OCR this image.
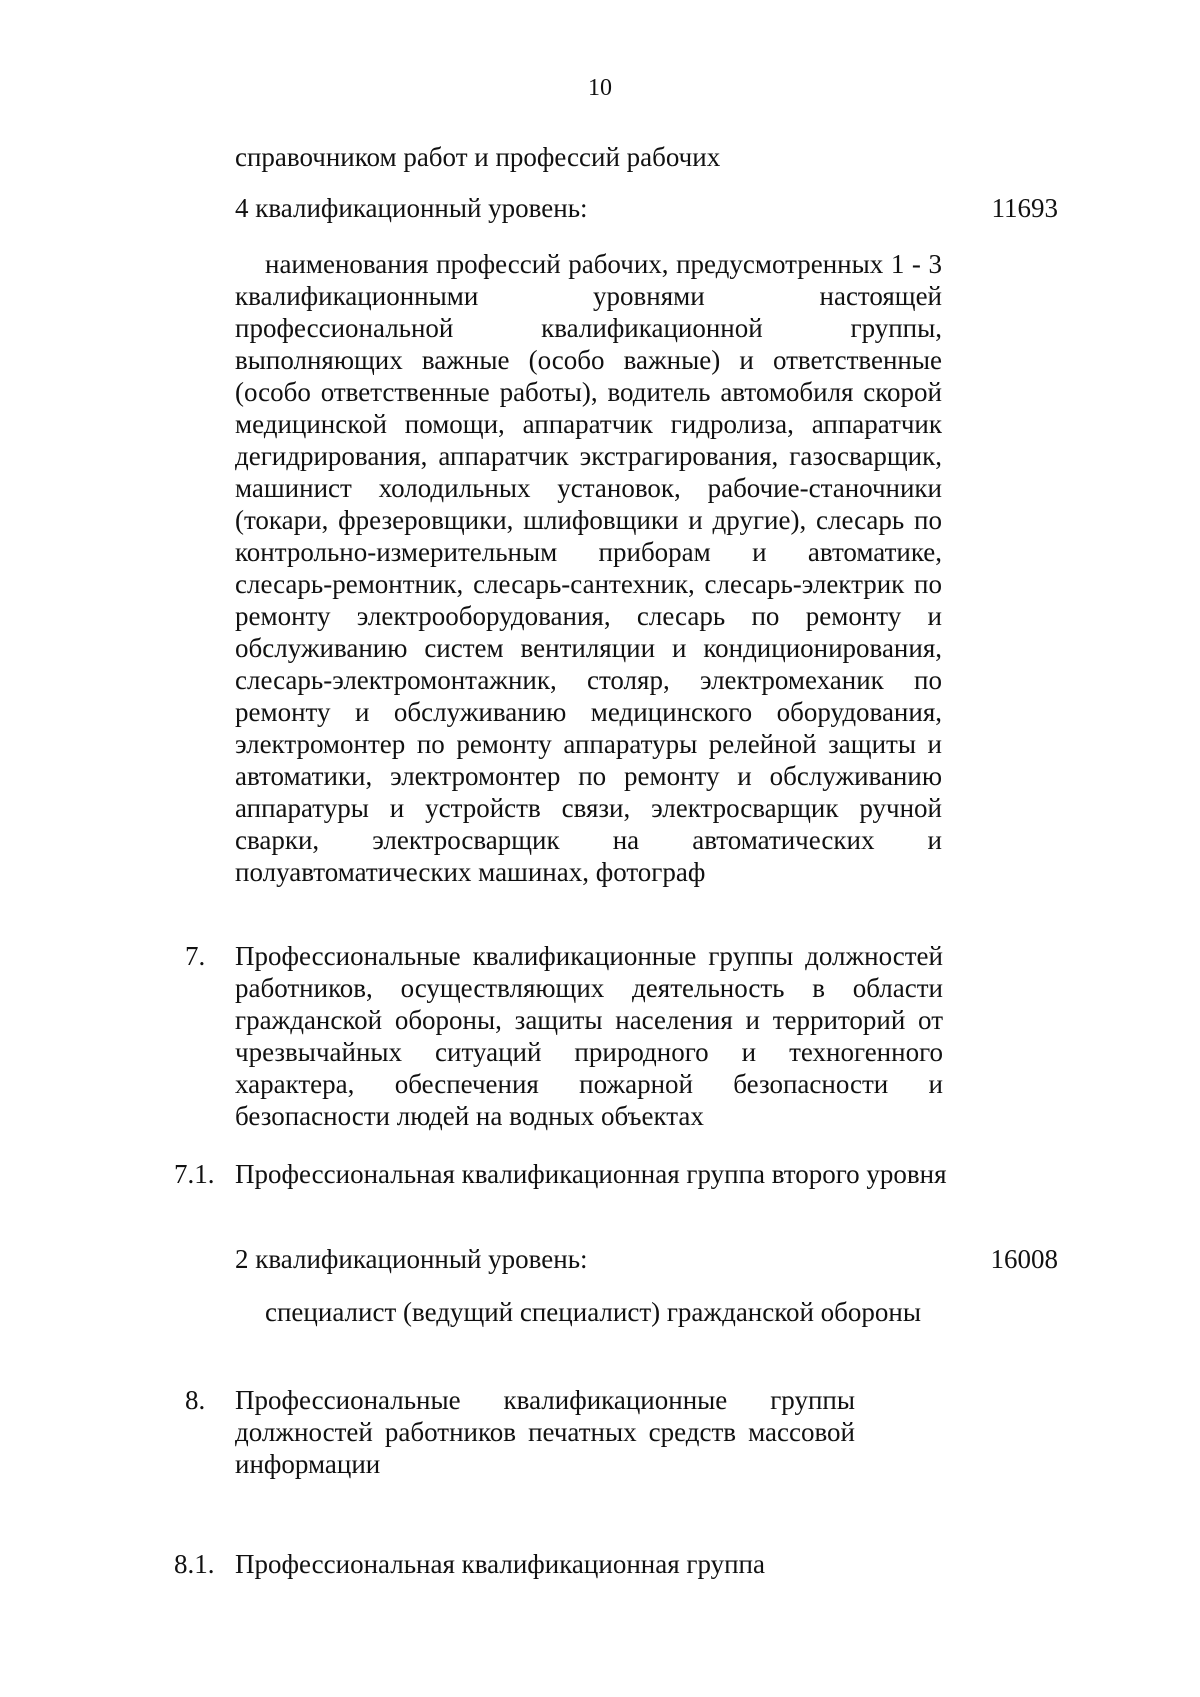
10
справочником работ и профессий рабочих
4 квалификационный уровень:	11693
наименования профессий рабочих, предусмотренных 1 - 3 квалификационными уровнями настоящей профессиональной квалификационной группы, выполняющих важные (особо важные) и ответственные (особо ответственные работы), водитель автомобиля скорой медицинской помощи, аппаратчик гидролиза, аппаратчик дегидрирования, аппаратчик экстрагирования, газосварщик, машинист холодильных установок, рабочие-станочники (токари, фрезеровщики, шлифовщики и другие), слесарь по контрольно-измерительным приборам и автоматике, слесарь-ремонтник, слесарь-сантехник, слесарь-электрик по ремонту электрооборудования, слесарь по ремонту и обслуживанию систем вентиляции и кондиционирования, слесарь-электромонтажник, столяр, электромеханик по ремонту и обслуживанию медицинского оборудования, электромонтер по ремонту аппаратуры релейной защиты и автоматики, электромонтер по ремонту и обслуживанию аппаратуры и устройств связи, электросварщик ручной сварки, электросварщик на автоматических и полуавтоматических машинах, фотограф
7. Профессиональные квалификационные группы должностей работников, осуществляющих деятельность в области гражданской обороны, защиты населения и территорий от чрезвычайных ситуаций природного и техногенного характера, обеспечения пожарной безопасности и безопасности людей на водных объектах
7.1. Профессиональная квалификационная группа второго уровня
2 квалификационный уровень:	16008
специалист (ведущий специалист) гражданской обороны
8. Профессиональные квалификационные группы должностей работников печатных средств массовой информации
8.1. Профессиональная квалификационная группа
